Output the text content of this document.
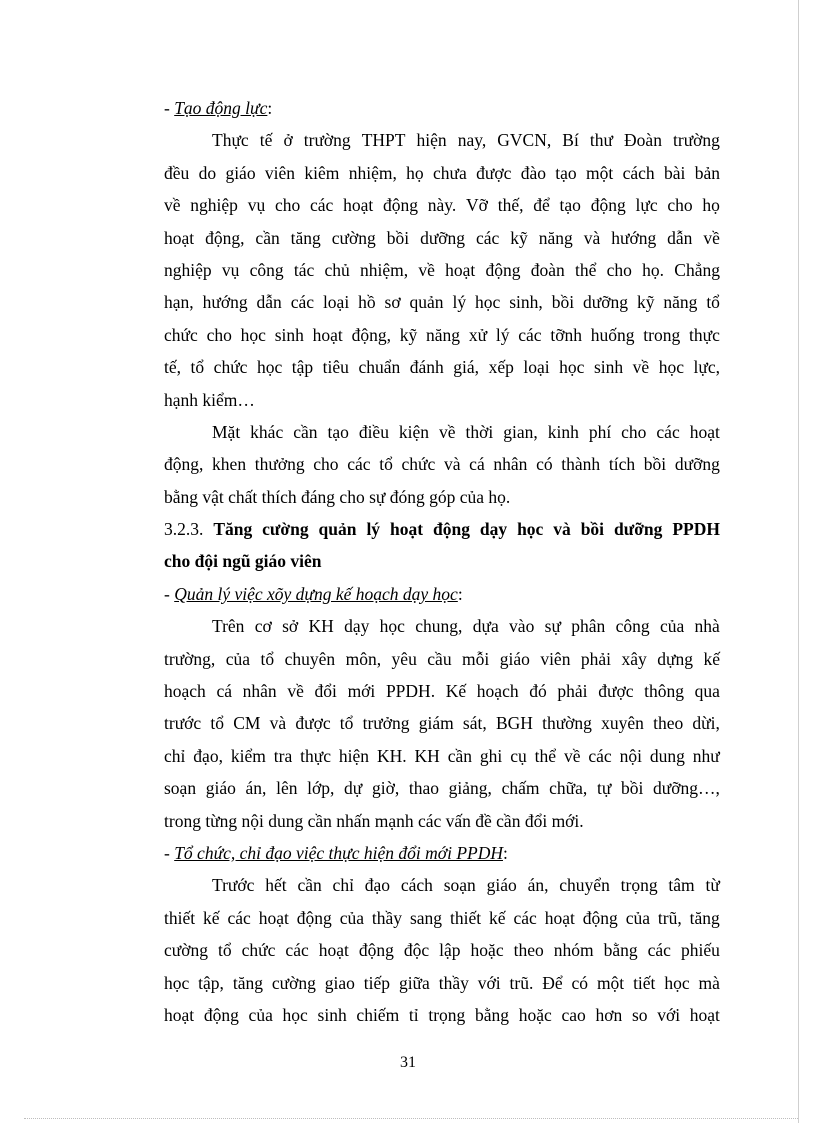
- Tạo động lực:
Thực tế ở trường THPT hiện nay, GVCN, Bí thư Đoàn trường
đều do giáo viên kiêm nhiệm, họ chưa được đào tạo một cách bài bản
về nghiệp vụ cho các hoạt động này. Vỡ thế, để tạo động lực cho họ
hoạt động, cần tăng cường bồi dưỡng các kỹ năng và hướng dẫn về
nghiệp vụ công tác chủ nhiệm, về hoạt động đoàn thể cho họ. Chẳng
hạn, hướng dẫn các loại hồ sơ quản lý học sinh, bồi dưỡng kỹ năng tổ
chức cho học sinh hoạt động, kỹ năng xử lý các tỡnh huống trong thực
tế, tổ chức học tập tiêu chuẩn đánh giá, xếp loại học sinh về học lực,
hạnh kiểm…
Mặt khác cần tạo điều kiện về thời gian, kinh phí cho các hoạt
động, khen thưởng cho các tổ chức và cá nhân có thành tích bồi dưỡng
bằng vật chất thích đáng cho sự đóng góp của họ.
3.2.3. Tăng cường quản lý hoạt động dạy học và bồi dưỡng PPDH
cho đội ngũ giáo viên
- Quản lý việc xõy dựng kế hoạch dạy học:
Trên cơ sở KH dạy học chung, dựa vào sự phân công của nhà
trường, của tổ chuyên môn, yêu cầu mỗi giáo viên phải xây dựng kế
hoạch cá nhân về đổi mới PPDH. Kế hoạch đó phải được thông qua
trước tổ CM và được tổ trưởng giám sát, BGH thường xuyên theo dừi,
chỉ đạo, kiểm tra thực hiện KH. KH cần ghi cụ thể về các nội dung như
soạn giáo án, lên lớp, dự giờ, thao giảng, chấm chữa, tự bồi dưỡng…,
trong từng nội dung cần nhấn mạnh các vấn đề cần đổi mới.
- Tổ chức, chỉ đạo việc thực hiện đổi mới PPDH:
Trước hết cần chỉ đạo cách soạn giáo án, chuyển trọng tâm từ
thiết kế các hoạt động của thầy sang thiết kế các hoạt động của trũ, tăng
cường tổ chức các hoạt động độc lập hoặc theo nhóm bằng các phiếu
học tập, tăng cường giao tiếp giữa thầy với trũ. Để có một tiết học mà
hoạt động của học sinh chiếm tỉ trọng bằng hoặc cao hơn so với hoạt
31
